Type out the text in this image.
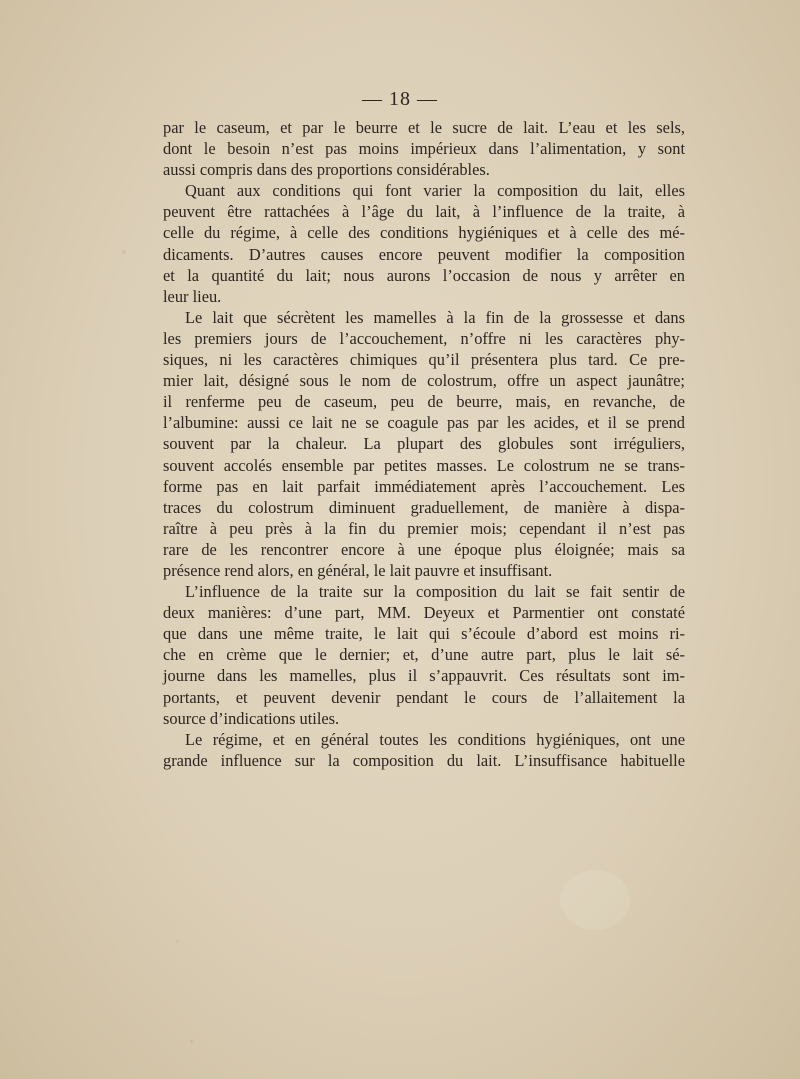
— 18 —
par le caseum, et par le beurre et le sucre de lait. L’eau et les sels,
dont le besoin n’est pas moins impérieux dans l’alimentation, y sont
aussi compris dans des proportions considérables.
Quant aux conditions qui font varier la composition du lait, elles
peuvent être rattachées à l’âge du lait, à l’influence de la traite, à
celle du régime, à celle des conditions hygiéniques et à celle des mé-
dicaments. D’autres causes encore peuvent modifier la composition
et la quantité du lait; nous aurons l’occasion de nous y arrêter en
leur lieu.
Le lait que sécrètent les mamelles à la fin de la grossesse et dans
les premiers jours de l’accouchement, n’offre ni les caractères phy-
siques, ni les caractères chimiques qu’il présentera plus tard. Ce pre-
mier lait, désigné sous le nom de colostrum, offre un aspect jaunâtre;
il renferme peu de caseum, peu de beurre, mais, en revanche, de
l’albumine: aussi ce lait ne se coagule pas par les acides, et il se prend
souvent par la chaleur. La plupart des globules sont irréguliers,
souvent accolés ensemble par petites masses. Le colostrum ne se trans-
forme pas en lait parfait immédiatement après l’accouchement. Les
traces du colostrum diminuent graduellement, de manière à dispa-
raître à peu près à la fin du premier mois; cependant il n’est pas
rare de les rencontrer encore à une époque plus éloignée; mais sa
présence rend alors, en général, le lait pauvre et insuffisant.
L’influence de la traite sur la composition du lait se fait sentir de
deux manières: d’une part, MM. Deyeux et Parmentier ont constaté
que dans une même traite, le lait qui s’écoule d’abord est moins ri-
che en crème que le dernier; et, d’une autre part, plus le lait sé-
journe dans les mamelles, plus il s’appauvrit. Ces résultats sont im-
portants, et peuvent devenir pendant le cours de l’allaitement la
source d’indications utiles.
Le régime, et en général toutes les conditions hygiéniques, ont une
grande influence sur la composition du lait. L’insuffisance habituelle
